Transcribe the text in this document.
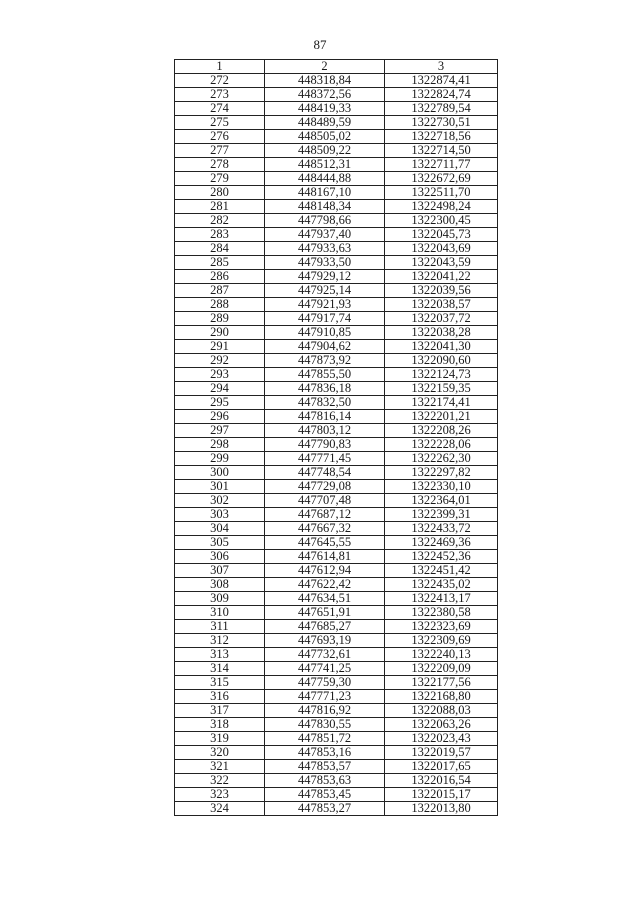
87
1	2	3
272	448318,84	1322874,41
273	448372,56	1322824,74
274	448419,33	1322789,54
275	448489,59	1322730,51
276	448505,02	1322718,56
277	448509,22	1322714,50
278	448512,31	1322711,77
279	448444,88	1322672,69
280	448167,10	1322511,70
281	448148,34	1322498,24
282	447798,66	1322300,45
283	447937,40	1322045,73
284	447933,63	1322043,69
285	447933,50	1322043,59
286	447929,12	1322041,22
287	447925,14	1322039,56
288	447921,93	1322038,57
289	447917,74	1322037,72
290	447910,85	1322038,28
291	447904,62	1322041,30
292	447873,92	1322090,60
293	447855,50	1322124,73
294	447836,18	1322159,35
295	447832,50	1322174,41
296	447816,14	1322201,21
297	447803,12	1322208,26
298	447790,83	1322228,06
299	447771,45	1322262,30
300	447748,54	1322297,82
301	447729,08	1322330,10
302	447707,48	1322364,01
303	447687,12	1322399,31
304	447667,32	1322433,72
305	447645,55	1322469,36
306	447614,81	1322452,36
307	447612,94	1322451,42
308	447622,42	1322435,02
309	447634,51	1322413,17
310	447651,91	1322380,58
311	447685,27	1322323,69
312	447693,19	1322309,69
313	447732,61	1322240,13
314	447741,25	1322209,09
315	447759,30	1322177,56
316	447771,23	1322168,80
317	447816,92	1322088,03
318	447830,55	1322063,26
319	447851,72	1322023,43
320	447853,16	1322019,57
321	447853,57	1322017,65
322	447853,63	1322016,54
323	447853,45	1322015,17
324	447853,27	1322013,80
